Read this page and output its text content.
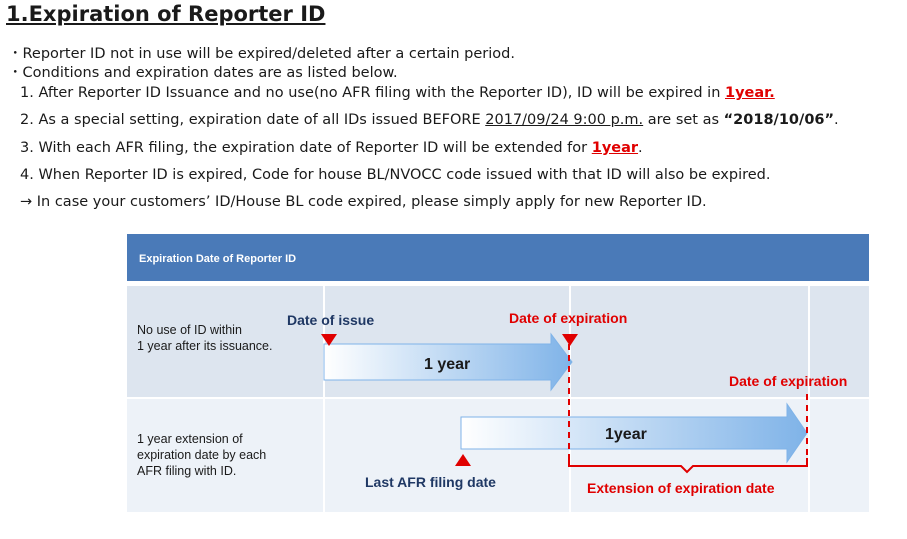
1.Expiration of Reporter ID
・Reporter ID not in use will be expired/deleted after a certain period.
・Conditions and expiration dates are as listed below.
1. After Reporter ID Issuance and no use(no AFR filing with the Reporter ID), ID will be expired in 1year.
2. As a special setting, expiration date of all IDs issued BEFORE 2017/09/24 9:00 p.m. are set as “2018/10/06”.
3. With each AFR filing, the expiration date of Reporter ID will be extended for 1year.
4. When Reporter ID is expired, Code for house BL/NVOCC code issued with that ID will also be expired.
→ In case your customers’ ID/House BL code expired, please simply apply for new Reporter ID.
Expiration Date of Reporter ID
No use of ID within
1 year after its issuance.
1 year extension of
expiration date by each
AFR filing with ID.
Date of issue	Date of expiration
Date of expiration
1 year
1year
Last AFR filing date	Extension of expiration date
